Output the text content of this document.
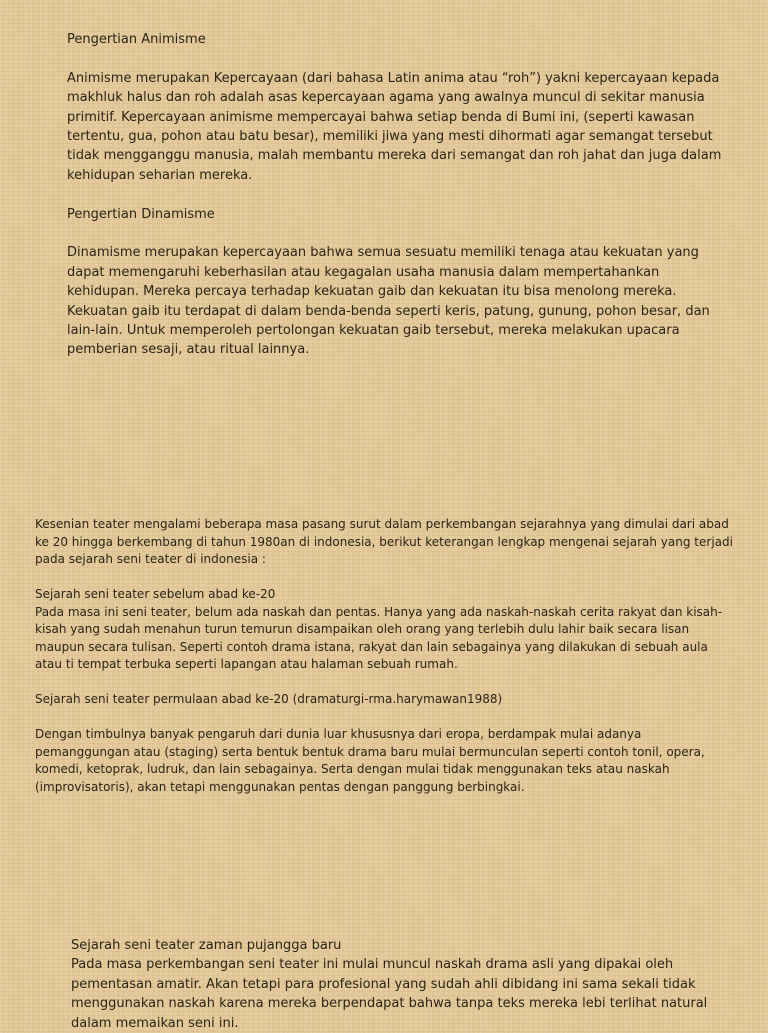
Pengertian Animisme

Animisme merupakan Kepercayaan (dari bahasa Latin anima atau “roh”) yakni kepercayaan kepada makhluk halus dan roh adalah asas kepercayaan agama yang awalnya muncul di sekitar manusia primitif. Kepercayaan animisme mempercayai bahwa setiap benda di Bumi ini, (seperti kawasan tertentu, gua, pohon atau batu besar), memiliki jiwa yang mesti dihormati agar semangat tersebut tidak mengganggu manusia, malah membantu mereka dari semangat dan roh jahat dan juga dalam kehidupan seharian mereka.

Pengertian Dinamisme

Dinamisme merupakan kepercayaan bahwa semua sesuatu memiliki tenaga atau kekuatan yang dapat memengaruhi keberhasilan atau kegagalan usaha manusia dalam mempertahankan kehidupan. Mereka percaya terhadap kekuatan gaib dan kekuatan itu bisa menolong mereka. Kekuatan gaib itu terdapat di dalam benda-benda seperti keris, patung, gunung, pohon besar, dan lain-lain. Untuk memperoleh pertolongan kekuatan gaib tersebut, mereka melakukan upacara pemberian sesaji, atau ritual lainnya.

Kesenian teater mengalami beberapa masa pasang surut dalam perkembangan sejarahnya yang dimulai dari abad ke 20 hingga berkembang di tahun 1980an di indonesia, berikut keterangan lengkap mengenai sejarah yang terjadi pada sejarah seni teater di indonesia :

Sejarah seni teater sebelum abad ke-20

Pada masa ini seni teater, belum ada naskah dan pentas. Hanya yang ada naskah-naskah cerita rakyat dan kisah-kisah yang sudah menahun turun temurun disampaikan oleh orang yang terlebih dulu lahir baik secara lisan maupun secara tulisan. Seperti contoh drama istana, rakyat dan lain sebagainya yang dilakukan di sebuah aula atau ti tempat terbuka seperti lapangan atau halaman sebuah rumah.

Sejarah seni teater permulaan abad ke-20 (dramaturgi-rma.harymawan1988)

Dengan timbulnya banyak pengaruh dari dunia luar khususnya dari eropa, berdampak mulai adanya pemanggungan atau (staging) serta bentuk bentuk drama baru mulai bermunculan seperti contoh tonil, opera, komedi, ketoprak, ludruk, dan lain sebagainya. Serta dengan mulai tidak menggunakan teks atau naskah (improvisatoris), akan tetapi menggunakan pentas dengan panggung berbingkai.

Sejarah seni teater zaman pujangga baru

Pada masa perkembangan seni teater ini mulai muncul naskah drama asli yang dipakai oleh pementasan amatir. Akan tetapi para profesional yang sudah ahli dibidang ini sama sekali tidak menggunakan naskah karena mereka berpendapat bahwa tanpa teks mereka lebi terlihat natural dalam memaikan seni ini.
